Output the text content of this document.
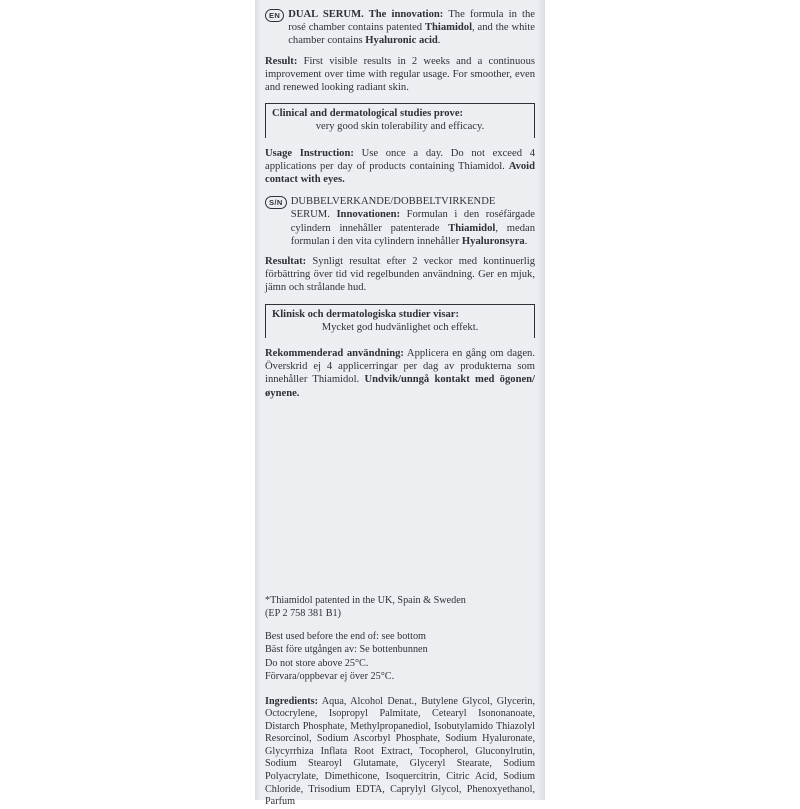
EN DUAL SERUM. The innovation: The formula in the rosé chamber contains patented Thiamidol, and the white chamber contains Hyaluronic acid.

Result: First visible results in 2 weeks and a continuous improvement over time with regular usage. For smoother, even and renewed looking radiant skin.

Clinical and dermatological studies prove:
very good skin tolerability and efficacy.

Usage Instruction: Use once a day. Do not exceed 4 applications per day of products containing Thiamidol. Avoid contact with eyes.

S/N DUBBELVERKANDE/DOBBELTVIRKENDE SERUM. Innovationen: Formulan i den roséfärgade cylindern innehåller patenterade Thiamidol, medan formulan i den vita cylindern innehåller Hyaluronsyra.

Resultat: Synligt resultat efter 2 veckor med kontinuerlig förbättring över tid vid regelbunden användning. Ger en mjuk, jämn och strålande hud.

Klinisk och dermatologiska studier visar:
Mycket god hudvänlighet och effekt.

Rekommenderad användning: Applicera en gång om dagen. Överskrid ej 4 applicerringar per dag av produkterna som innehåller Thiamidol. Undvik/unngå kontakt med ögonen/øynene.

*Thiamidol patented in the UK, Spain & Sweden
(EP 2 758 381 B1)
Best used before the end of: see bottom
Bäst före utgången av: Se bottenbunnen
Do not store above 25°C.
Förvara/oppbevar ej över 25°C.

Ingredients: Aqua, Alcohol Denat., Butylene Glycol, Glycerin, Octocrylene, Isopropyl Palmitate, Cetearyl Isononanoate, Distarch Phosphate, Methylpropanediol, Isobutylamido Thiazolyl Resorcinol, Sodium Ascorbyl Phosphate, Sodium Hyaluronate, Glycyrrhiza Inflata Root Extract, Tocopherol, Gluconylrutin, Sodium Stearoyl Glutamate, Glyceryl Stearate, Sodium Polyacrylate, Dimethicone, Isoquercitrin, Citric Acid, Sodium Chloride, Trisodium EDTA, Caprylyl Glycol, Phenoxyethanol, Parfum
